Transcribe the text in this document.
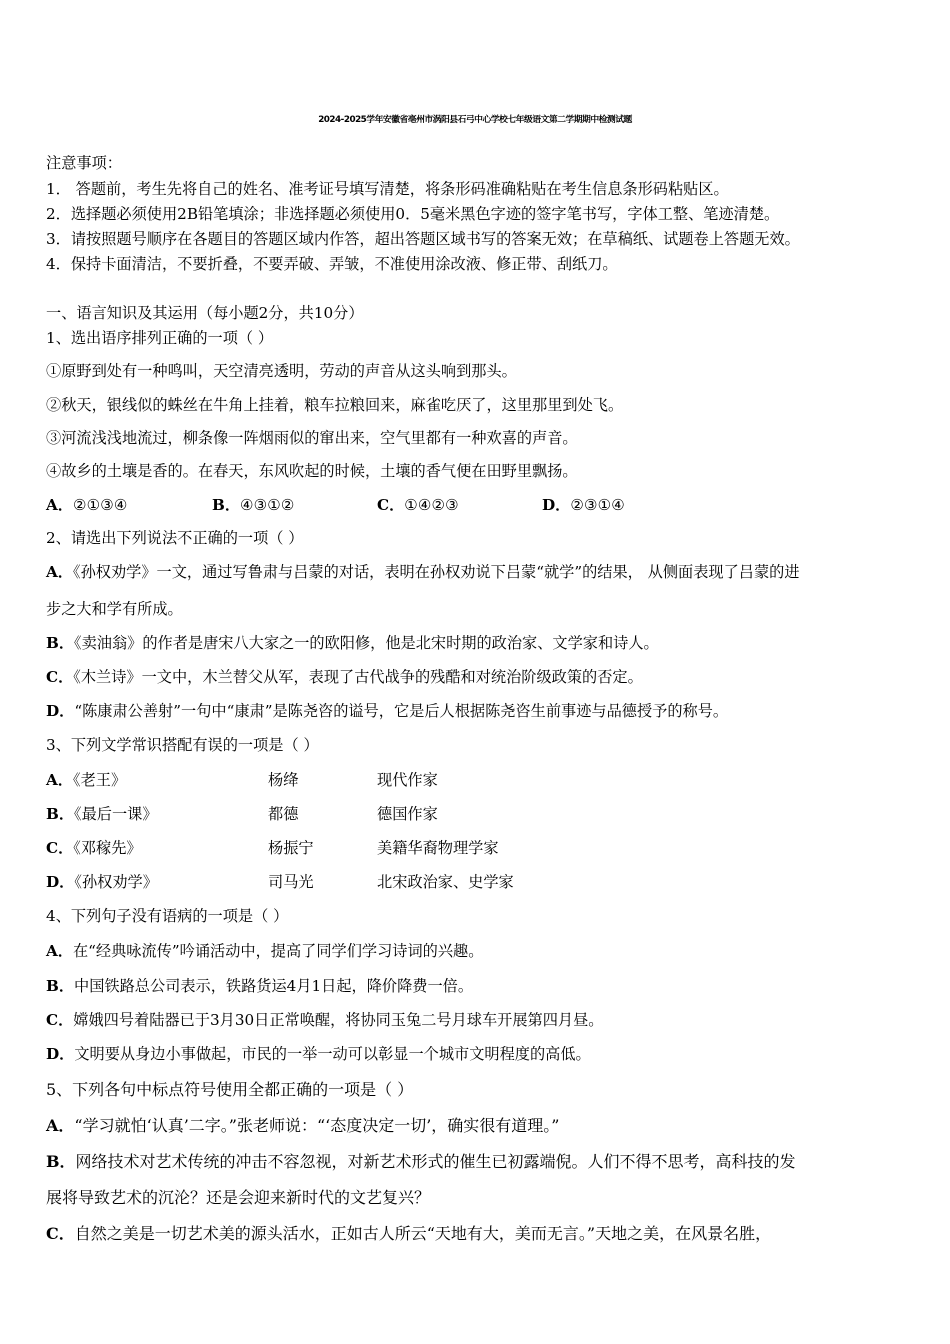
2024-2025学年安徽省亳州市涡阳县石弓中心学校七年级语文第二学期期中检测试题
注意事项：
1． 答题前，考生先将自己的姓名、准考证号填写清楚，将条形码准确粘贴在考生信息条形码粘贴区。
2．选择题必须使用2B铅笔填涂；非选择题必须使用0．5毫米黑色字迹的签字笔书写，字体工整、笔迹清楚。
3．请按照题号顺序在各题目的答题区域内作答，超出答题区域书写的答案无效；在草稿纸、试题卷上答题无效。
4．保持卡面清洁，不要折叠，不要弄破、弄皱，不准使用涂改液、修正带、刮纸刀。
一、语言知识及其运用（每小题2分，共10分）
1、选出语序排列正确的一项（ ）
①原野到处有一种鸣叫，天空清亮透明，劳动的声音从这头响到那头。
②秋天，银线似的蛛丝在牛角上挂着，粮车拉粮回来，麻雀吃厌了，这里那里到处飞。
③河流浅浅地流过，柳条像一阵烟雨似的窜出来，空气里都有一种欢喜的声音。
④故乡的土壤是香的。在春天，东风吹起的时候，土壤的香气便在田野里飘扬。
A．②①③④	B．④③①②	C．①④②③	D．②③①④
2、请选出下列说法不正确的一项（ ）
A．《孙权劝学》一文，通过写鲁肃与吕蒙的对话，表明在孙权劝说下吕蒙“就学”的结果， 从侧面表现了吕蒙的进
步之大和学有所成。
B．《卖油翁》的作者是唐宋八大家之一的欧阳修，他是北宋时期的政治家、文学家和诗人。
C．《木兰诗》一文中，木兰替父从军，表现了古代战争的残酷和对统治阶级政策的否定。
D．“陈康肃公善射”一句中“康肃”是陈尧咨的谥号，它是后人根据陈尧咨生前事迹与品德授予的称号。
3、下列文学常识搭配有误的一项是（ ）
A．《老王》	杨绛	现代作家
B．《最后一课》	都德	德国作家
C．《邓稼先》	杨振宁	美籍华裔物理学家
D．《孙权劝学》	司马光	北宋政治家、史学家
4、下列句子没有语病的一项是（ ）
A．在“经典咏流传”吟诵活动中，提高了同学们学习诗词的兴趣。
B．中国铁路总公司表示，铁路货运4月1日起，降价降费一倍。
C．嫦娥四号着陆器已于3月30日正常唤醒，将协同玉兔二号月球车开展第四月昼。
D．文明要从身边小事做起，市民的一举一动可以彰显一个城市文明程度的高低。
5、下列各句中标点符号使用全都正确的一项是（ ）
A．“学习就怕‘认真’二字。”张老师说：“‘态度决定一切’，确实很有道理。”
B．网络技术对艺术传统的冲击不容忽视，对新艺术形式的催生已初露端倪。人们不得不思考，高科技的发
展将导致艺术的沉沦？还是会迎来新时代的文艺复兴？
C．自然之美是一切艺术美的源头活水，正如古人所云“天地有大，美而无言。”天地之美，在风景名胜，
